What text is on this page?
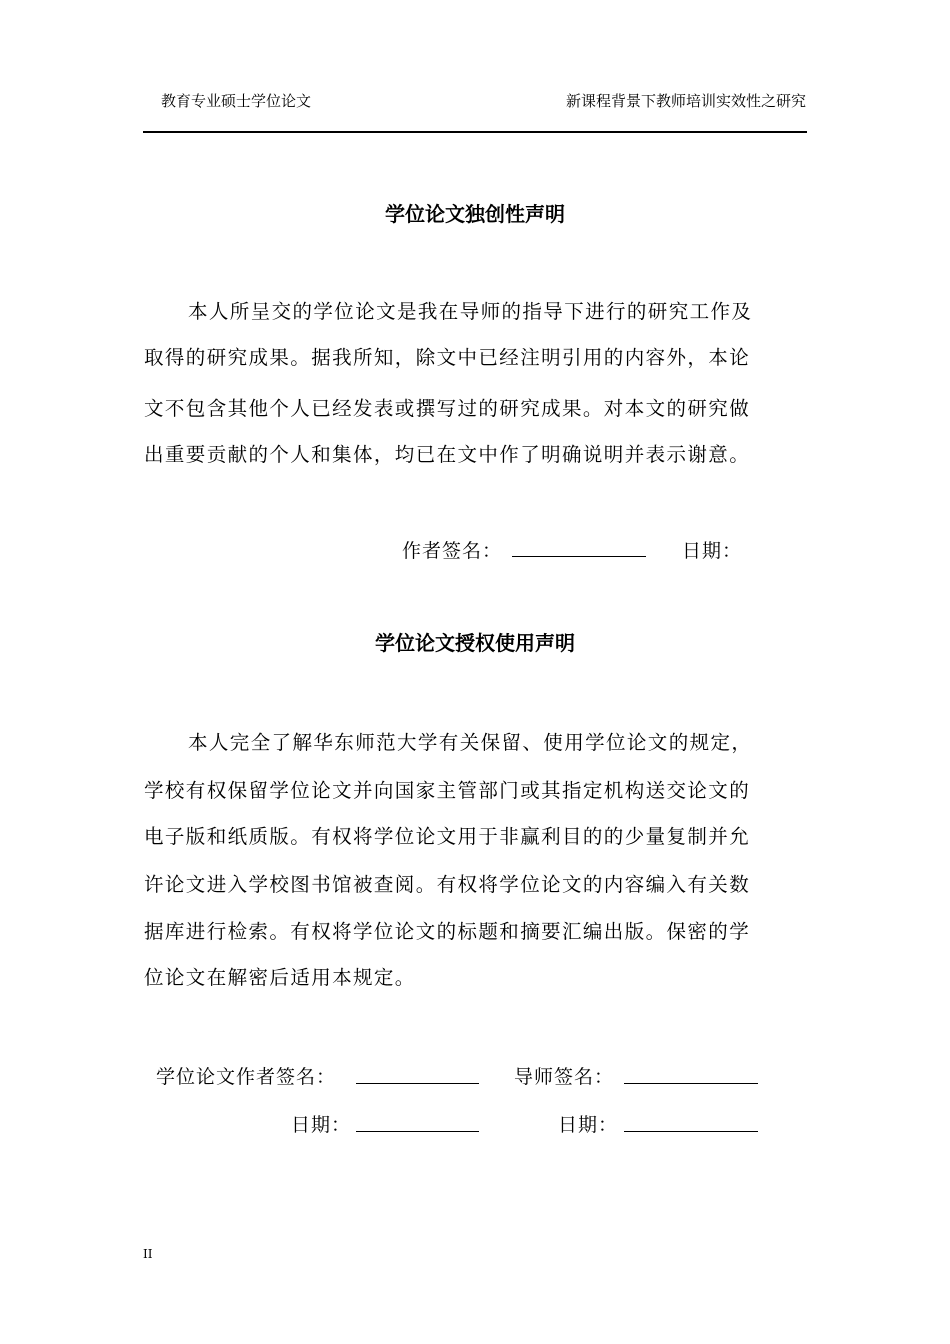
教育专业硕士学位论文	新课程背景下教师培训实效性之研究
学位论文独创性声明
本人所呈交的学位论文是我在导师的指导下进行的研究工作及
取得的研究成果。据我所知，除文中已经注明引用的内容外，本论
文不包含其他个人已经发表或撰写过的研究成果。对本文的研究做
出重要贡献的个人和集体，均已在文中作了明确说明并表示谢意。
作者签名：	日期：
学位论文授权使用声明
本人完全了解华东师范大学有关保留、使用学位论文的规定，
学校有权保留学位论文并向国家主管部门或其指定机构送交论文的
电子版和纸质版。有权将学位论文用于非赢利目的的少量复制并允
许论文进入学校图书馆被查阅。有权将学位论文的内容编入有关数
据库进行检索。有权将学位论文的标题和摘要汇编出版。保密的学
位论文在解密后适用本规定。
学位论文作者签名：	导师签名：
日期：	日期：
II
